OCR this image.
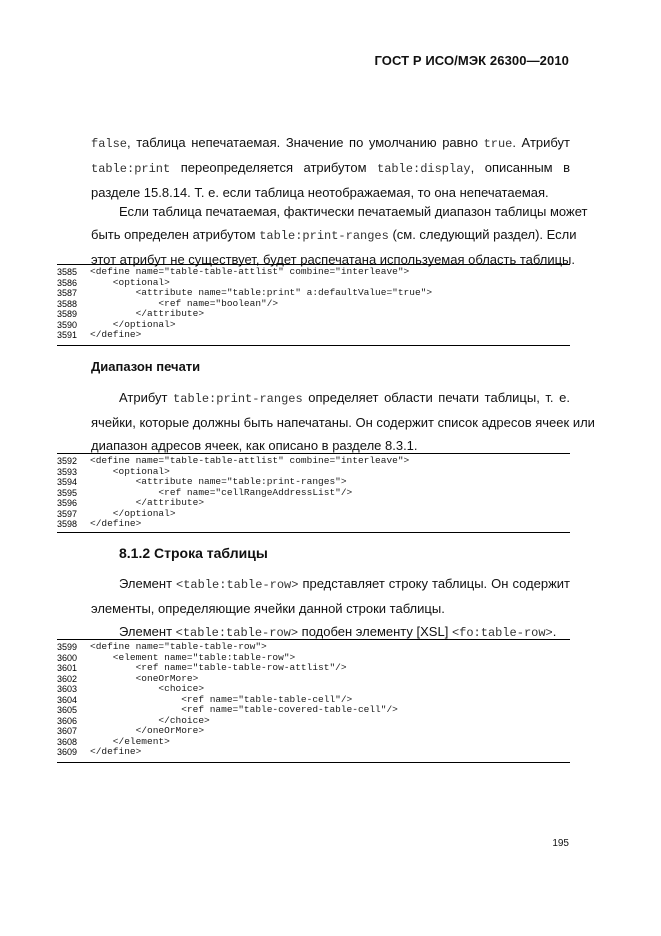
ГОСТ Р ИСО/МЭК 26300—2010
false, таблица непечатаемая. Значение по умолчанию равно true. Атрибут
table:print  переопределяется  атрибутом  table:display,  описанным  в
разделе 15.8.14. Т. е. если таблица неотображаемая, то она непечатаемая.
Если таблица печатаемая, фактически печатаемый диапазон таблицы может
быть определен атрибутом table:print-ranges (см. следующий раздел). Если
этот атрибут не существует, будет распечатана используемая область таблицы.
3585	<define name="table-table-attlist" combine="interleave">
3586	<optional>
3587	<attribute name="table:print" a:defaultValue="true">
3588	<ref name="boolean"/>
3589	</attribute>
3590	</optional>
3591	</define>
Диапазон печати
Атрибут table:print-ranges определяет области печати таблицы, т. е.
ячейки, которые должны быть напечатаны. Он содержит список адресов ячеек или
диапазон адресов ячеек, как описано в разделе 8.3.1.
3592	<define name="table-table-attlist" combine="interleave">
3593	<optional>
3594	<attribute name="table:print-ranges">
3595	<ref name="cellRangeAddressList"/>
3596	</attribute>
3597	</optional>
3598	</define>
8.1.2 Строка таблицы
Элемент <table:table-row> представляет строку таблицы. Он содержит
элементы, определяющие ячейки данной строки таблицы.
Элемент <table:table-row> подобен элементу [XSL] <fo:table-row>.
3599	<define name="table-table-row">
3600	<element name="table:table-row">
3601	<ref name="table-table-row-attlist"/>
3602	<oneOrMore>
3603	<choice>
3604	<ref name="table-table-cell"/>
3605	<ref name="table-covered-table-cell"/>
3606	</choice>
3607	</oneOrMore>
3608	</element>
3609	</define>
195
